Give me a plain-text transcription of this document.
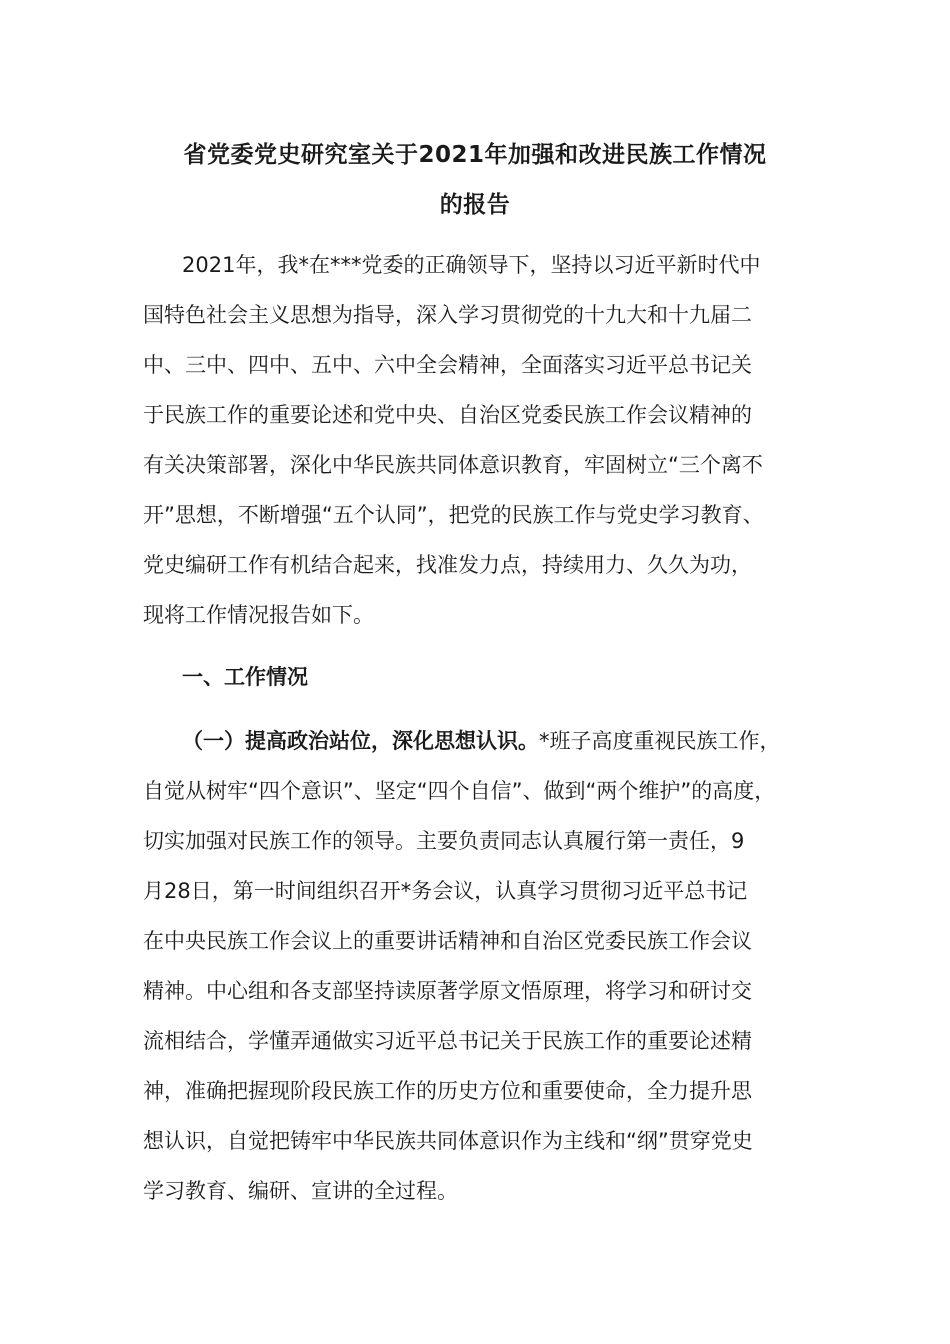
省党委党史研究室关于2021年加强和改进民族工作情况
的报告
2021年，我*在***党委的正确领导下，坚持以习近平新时代中
国特色社会主义思想为指导，深入学习贯彻党的十九大和十九届二
中、三中、四中、五中、六中全会精神，全面落实习近平总书记关
于民族工作的重要论述和党中央、自治区党委民族工作会议精神的
有关决策部署，深化中华民族共同体意识教育，牢固树立“三个离不
开”思想，不断增强“五个认同”，把党的民族工作与党史学习教育、
党史编研工作有机结合起来，找准发力点，持续用力、久久为功，
现将工作情况报告如下。
一、工作情况
（一）提高政治站位，深化思想认识。*班子高度重视民族工作，
自觉从树牢“四个意识”、坚定“四个自信”、做到“两个维护”的高度，
切实加强对民族工作的领导。主要负责同志认真履行第一责任，9
月28日，第一时间组织召开*务会议，认真学习贯彻习近平总书记
在中央民族工作会议上的重要讲话精神和自治区党委民族工作会议
精神。中心组和各支部坚持读原著学原文悟原理，将学习和研讨交
流相结合，学懂弄通做实习近平总书记关于民族工作的重要论述精
神，准确把握现阶段民族工作的历史方位和重要使命，全力提升思
想认识，自觉把铸牢中华民族共同体意识作为主线和“纲”贯穿党史
学习教育、编研、宣讲的全过程。
